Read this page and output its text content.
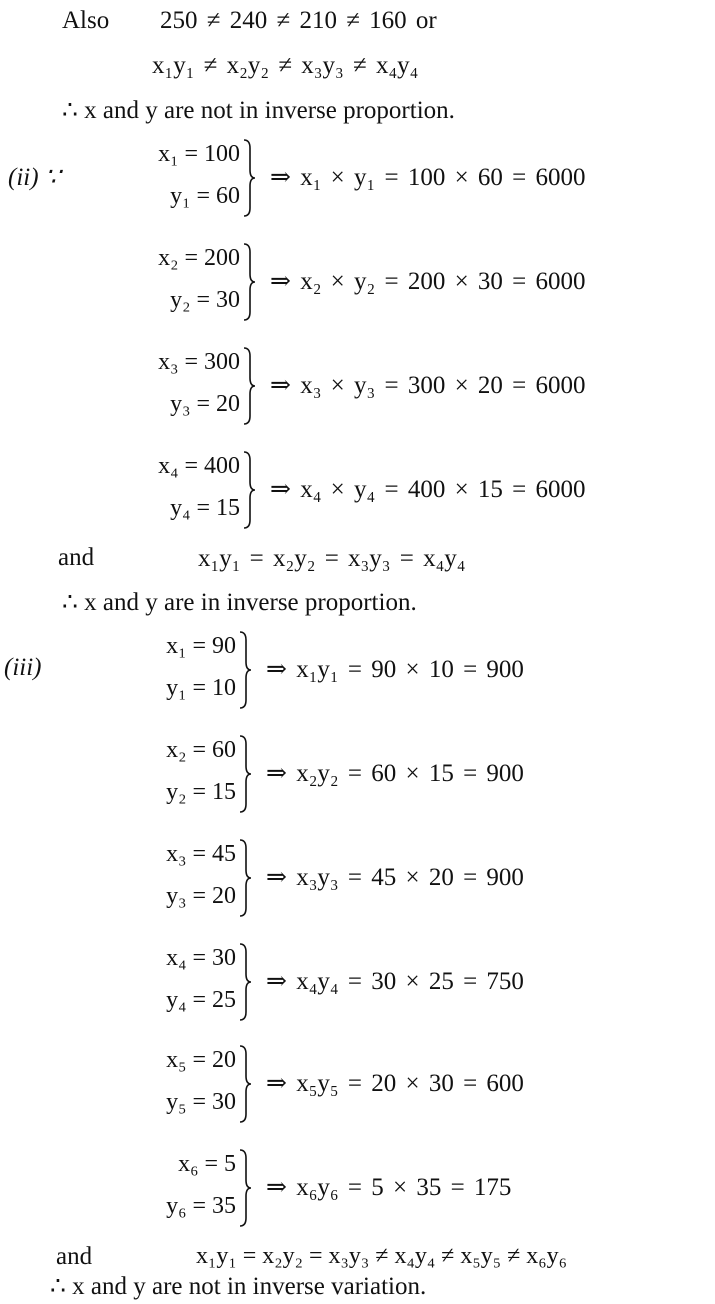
Also 250 ≠ 240 ≠ 210 ≠ 160 or
x₁y₁ ≠ x₂y₂ ≠ x₃y₃ ≠ x₄y₄
∴ x and y are not in inverse proportion.
(ii) ∵
x₁ = 100
y₁ = 60
⇒ x₁ × y₁ = 100 × 60 = 6000
x₂ = 200
y₂ = 30
⇒ x₂ × y₂ = 200 × 30 = 6000
x₃ = 300
y₃ = 20
⇒ x₃ × y₃ = 300 × 20 = 6000
x₄ = 400
y₄ = 15
⇒ x₄ × y₄ = 400 × 15 = 6000
and	x₁y₁ = x₂y₂ = x₃y₃ = x₄y₄
∴ x and y are in inverse proportion.
(iii)
x₁ = 90
y₁ = 10
⇒ x₁y₁ = 90 × 10 = 900
x₂ = 60
y₂ = 15
⇒ x₂y₂ = 60 × 15 = 900
x₃ = 45
y₃ = 20
⇒ x₃y₃ = 45 × 20 = 900
x₄ = 30
y₄ = 25
⇒ x₄y₄ = 30 × 25 = 750
x₅ = 20
y₅ = 30
⇒ x₅y₅ = 20 × 30 = 600
x₆ = 5
y₆ = 35
⇒ x₆y₆ = 5 × 35 = 175
and	x₁y₁ = x₂y₂ = x₃y₃ ≠ x₄y₄ ≠ x₅y₅ ≠ x₆y₆
∴ x and y are not in inverse variation.
